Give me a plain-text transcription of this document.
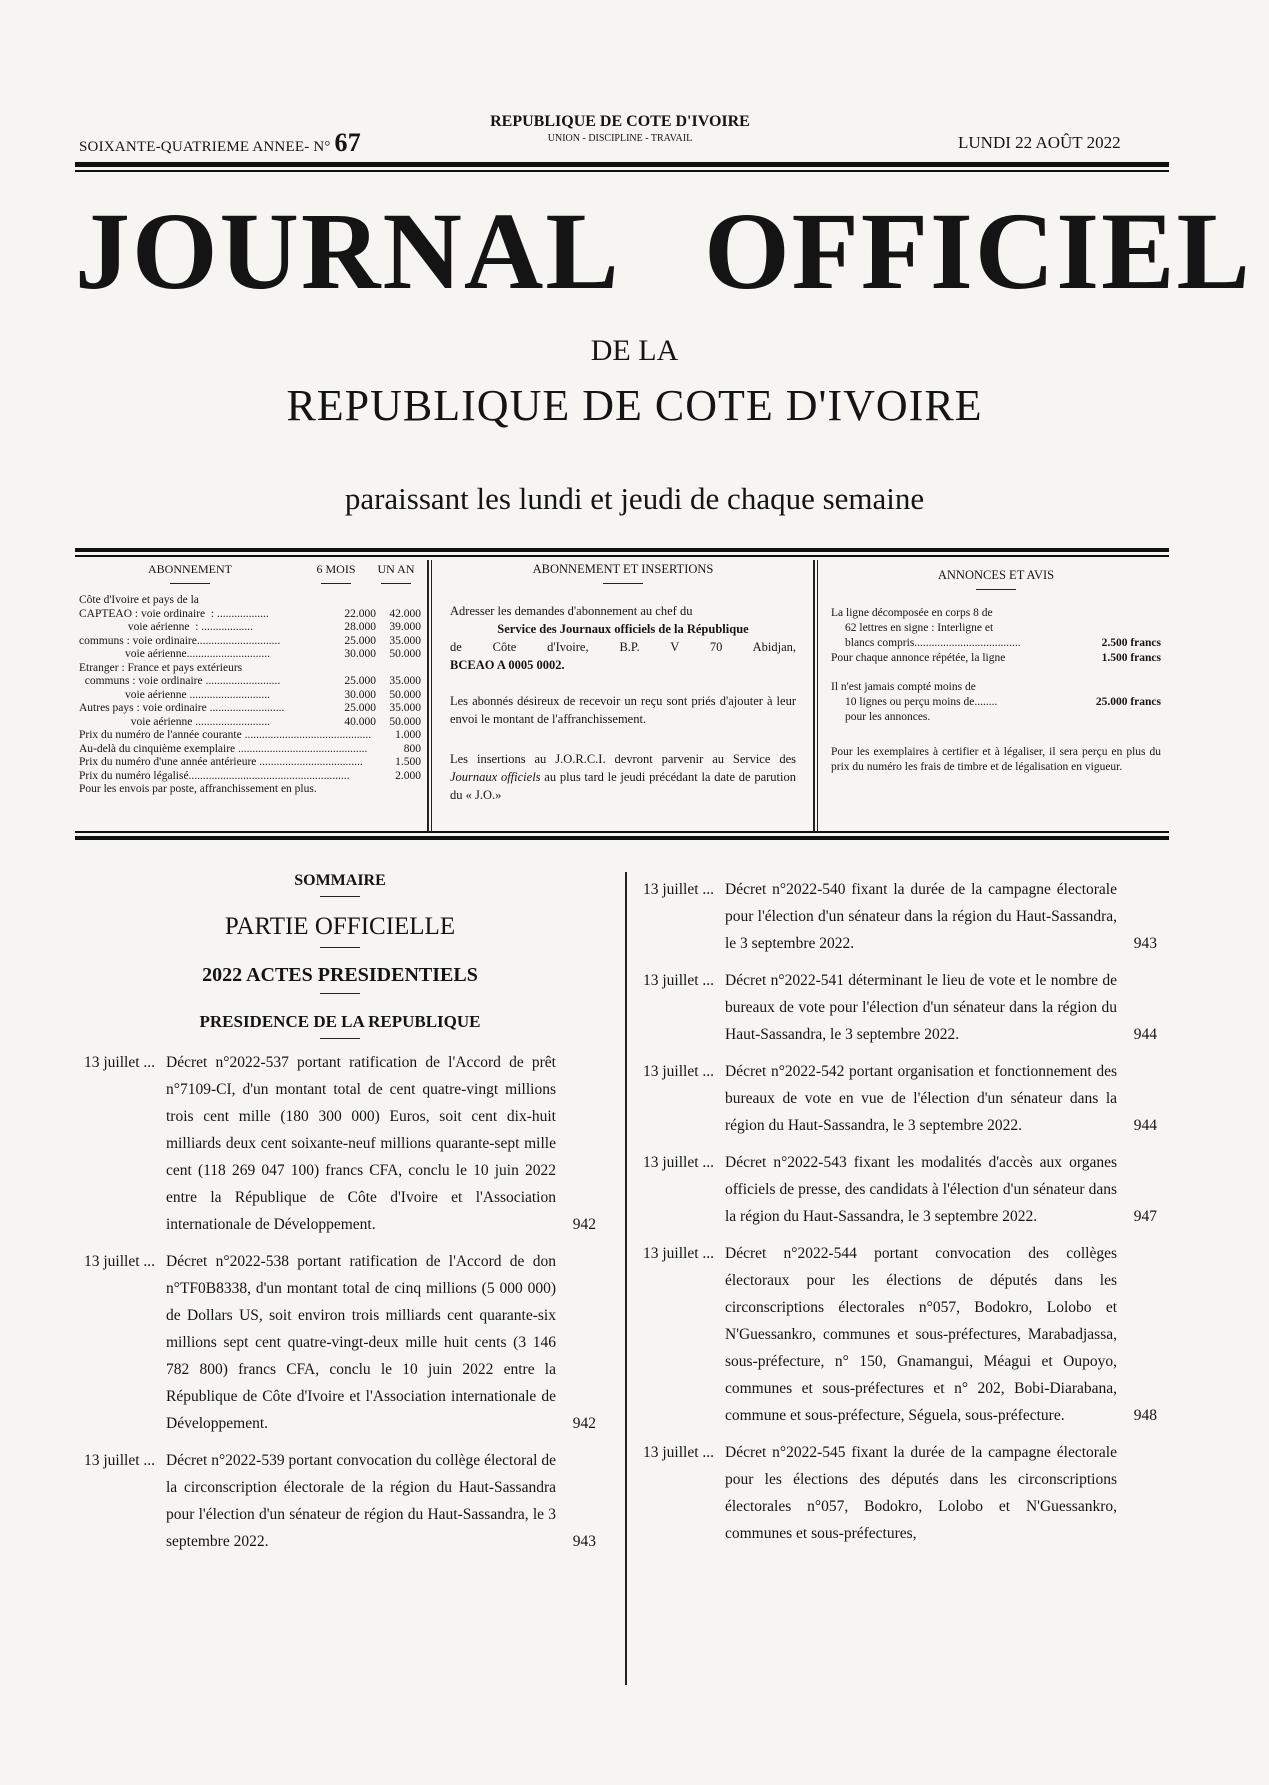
SOIXANTE-QUATRIEME ANNEE- N° 67
REPUBLIQUE DE COTE D'IVOIRE
UNION - DISCIPLINE - TRAVAIL	LUNDI 22 AOÛT 2022
JOURNAL OFFICIEL
DE LA
REPUBLIQUE DE COTE D'IVOIRE
paraissant les lundi et jeudi de chaque semaine
ABONNEMENT	6 MOIS	UN AN
Côte d'Ivoire et pays de la
CAPTEAO : voie ordinaire  : ..................	22.000	42.000
voie aérienne  : ..................	28.000	39.000
communs : voie ordinaire.............................	25.000	35.000
voie aérienne.............................	30.000	50.000
Etranger : France et pays extérieurs
communs : voie ordinaire ..........................	25.000	35.000
voie aérienne ............................	30.000	50.000
Autres pays : voie ordinaire ..........................	25.000	35.000
voie aérienne ..........................	40.000	50.000
Prix du numéro de l'année courante ............................................	1.000
Au-delà du cinquième exemplaire .............................................	800
Prix du numéro d'une année antérieure ....................................	1.500
Prix du numéro légalisé........................................................	2.000
Pour les envois par poste, affranchissement en plus.
ABONNEMENT ET INSERTIONS
Adresser les demandes d'abonnement au chef du
Service des Journaux officiels de la République
de Côte d'Ivoire, B.P. V 70 Abidjan,
BCEAO A 0005 0002.
Les abonnés désireux de recevoir un reçu sont priés d'ajouter à leur envoi le montant de l'affranchissement.
Les insertions au J.O.R.C.I. devront parvenir au Service des Journaux officiels au plus tard le jeudi précédant la date de parution du « J.O.»
ANNONCES ET AVIS
La ligne décomposée en corps 8 de
62 lettres en signe : Interligne et
blancs compris.....................................	2.500 francs
Pour chaque annonce répétée, la ligne	1.500 francs
Il n'est jamais compté moins de
10 lignes ou perçu moins de........	25.000 francs
pour les annonces.
Pour les exemplaires à certifier et à légaliser, il sera perçu en plus du prix du numéro les frais de timbre et de légalisation en vigueur.
SOMMAIRE
PARTIE OFFICIELLE
2022 ACTES PRESIDENTIELS
PRESIDENCE DE LA REPUBLIQUE
13 juillet ... Décret n°2022-537 portant ratification de l'Accord de prêt n°7109-CI, d'un montant total de cent quatre-vingt millions trois cent mille (180 300 000) Euros, soit cent dix-huit milliards deux cent soixante-neuf millions quarante-sept mille cent (118 269 047 100) francs CFA, conclu le 10 juin 2022 entre la République de Côte d'Ivoire et l'Association internationale de Développement.	942
13 juillet ... Décret n°2022-538 portant ratification de l'Accord de don n°TF0B8338, d'un montant total de cinq millions (5 000 000) de Dollars US, soit environ trois milliards cent quarante-six millions sept cent quatre-vingt-deux mille huit cents (3 146 782 800) francs CFA, conclu le 10 juin 2022 entre la République de Côte d'Ivoire et l'Association internationale de Développement.	942
13 juillet ... Décret n°2022-539 portant convocation du collège électoral de la circonscription électorale de la région du Haut-Sassandra pour l'élection d'un sénateur de région du Haut-Sassandra, le 3 septembre 2022.	943
13 juillet ... Décret n°2022-540 fixant la durée de la campagne électorale pour l'élection d'un sénateur dans la région du Haut-Sassandra, le 3 septembre 2022.	943
13 juillet ... Décret n°2022-541 déterminant le lieu de vote et le nombre de bureaux de vote pour l'élection d'un sénateur dans la région du Haut-Sassandra, le 3 septembre 2022.	944
13 juillet ... Décret n°2022-542 portant organisation et fonctionnement des bureaux de vote en vue de l'élection d'un sénateur dans la région du Haut-Sassandra, le 3 septembre 2022.	944
13 juillet ... Décret n°2022-543 fixant les modalités d'accès aux organes officiels de presse, des candidats à l'élection d'un sénateur dans la région du Haut-Sassandra, le 3 septembre 2022.	947
13 juillet ... Décret n°2022-544 portant convocation des collèges électoraux pour les élections de députés dans les circonscriptions électorales n°057, Bodokro, Lolobo et N'Guessankro, communes et sous-préfectures, Marabadjassa, sous-préfecture, n° 150, Gnamangui, Méagui et Oupoyo, communes et sous-préfectures et n° 202, Bobi-Diarabana, commune et sous-préfecture, Séguela, sous-préfecture.	948
13 juillet ... Décret n°2022-545 fixant la durée de la campagne électorale pour les élections des députés dans les circonscriptions électorales n°057, Bodokro, Lolobo et N'Guessankro, communes et sous-préfectures,
